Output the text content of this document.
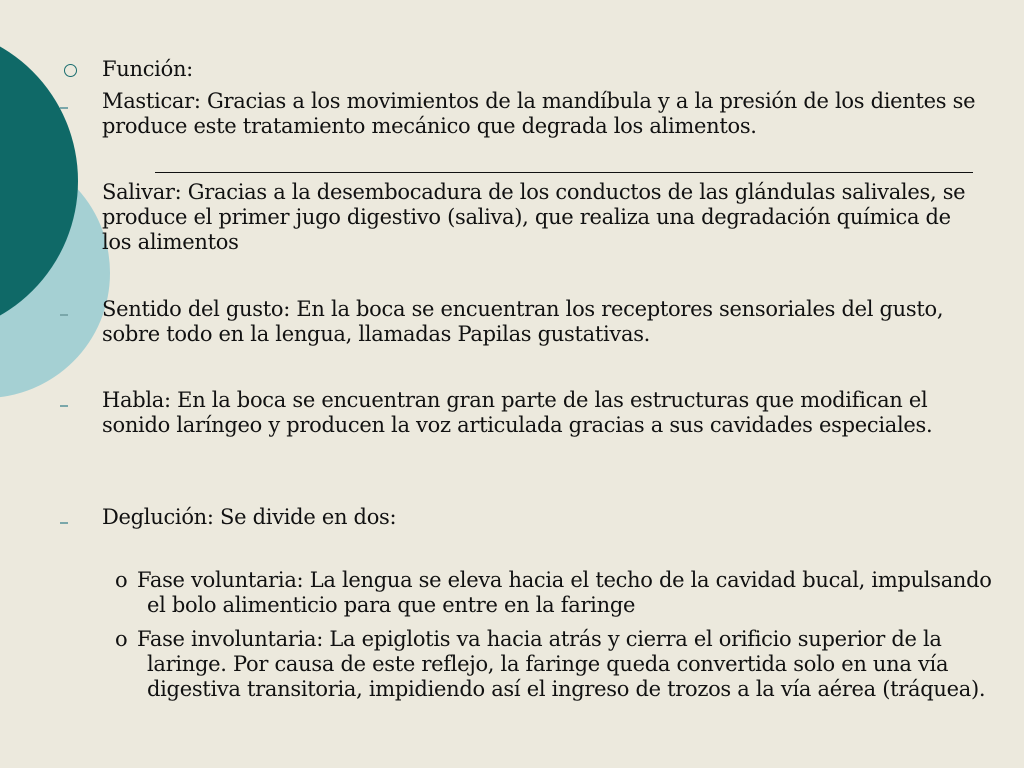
Función:
Masticar: Gracias a los movimientos de la mandíbula y a la presión de los dientes se produce este tratamiento mecánico que degrada los alimentos.
Salivar: Gracias a la desembocadura de los conductos de las glándulas salivales, se produce el primer jugo digestivo (saliva), que realiza una degradación química de los alimentos
Sentido del gusto: En la boca se encuentran los receptores sensoriales del gusto, sobre todo en la lengua, llamadas Papilas gustativas.
Habla: En la boca se encuentran gran parte de las estructuras que modifican el sonido laríngeo y producen la voz articulada gracias a sus cavidades especiales.
Deglución: Se divide en dos:
o Fase voluntaria: La lengua se eleva hacia el techo de la cavidad bucal, impulsando el bolo alimenticio para que entre en la faringe
o Fase involuntaria: La epiglotis va hacia atrás y cierra el orificio superior de la laringe. Por causa de este reflejo, la faringe queda convertida solo en una vía digestiva transitoria, impidiendo así el ingreso de trozos a la vía aérea (tráquea).
